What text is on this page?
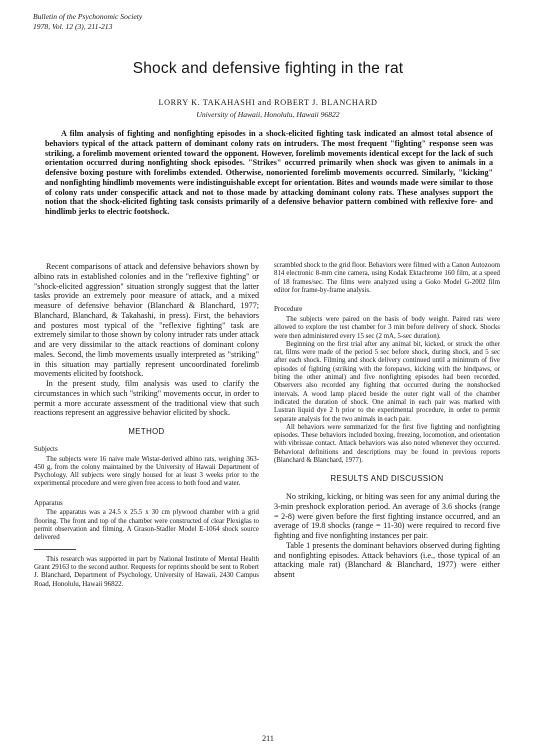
Bulletin of the Psychonomic Society
1978, Vol. 12 (3), 211-213
Shock and defensive fighting in the rat
LORRY K. TAKAHASHI and ROBERT J. BLANCHARD
University of Hawaii, Honolulu, Hawaii 96822
A film analysis of fighting and nonfighting episodes in a shock-elicited fighting task indicated an almost total absence of behaviors typical of the attack pattern of dominant colony rats on intruders. The most frequent "fighting" response seen was striking, a forelimb movement oriented toward the opponent. However, forelimb movements identical except for the lack of such orientation occurred during nonfighting shock episodes. "Strikes" occurred primarily when shock was given to animals in a defensive boxing posture with forelimbs extended. Otherwise, nonoriented forelimb movements occurred. Similarly, "kicking" and nonfighting hindlimb movements were indistinguishable except for orientation. Bites and wounds made were similar to those of colony rats under conspecific attack and not to those made by attacking dominant colony rats. These analyses support the notion that the shock-elicited fighting task consists primarily of a defensive behavior pattern combined with reflexive fore- and hindlimb jerks to electric footshock.

Recent comparisons of attack and defensive behaviors shown by albino rats in established colonies and in the "reflexive fighting" or "shock-elicited aggression" situation strongly suggest that the latter tasks provide an extremely poor measure of attack, and a mixed measure of defensive behavior (Blanchard & Blanchard, 1977; Blanchard, Blanchard, & Takahashi, in press). First, the behaviors and postures most typical of the "reflexive fighting" task are extremely similar to those shown by colony intruder rats under attack and are very dissimilar to the attack reactions of dominant colony males. Second, the limb movements usually interpreted as "striking" in this situation may partially represent uncoordinated forelimb movements elicited by footshock.

In the present study, film analysis was used to clarify the circumstances in which such "striking" movements occur, in order to permit a more accurate assessment of the traditional view that such reactions represent an aggressive behavior elicited by shock.

METHOD
Subjects

The subjects were 16 naive male Wistar-derived albino rats, weighing 363-450 g, from the colony maintained by the University of Hawaii Department of Psychology. All subjects were singly housed for at least 3 weeks prior to the experimental procedure and were given free access to both food and water.

Apparatus

The apparatus was a 24.5 x 25.5 x 30 cm plywood chamber with a grid flooring. The front and top of the chamber were constructed of clear Plexiglas to permit observation and filming. A Grason-Stadler Model E-1064 shock source delivered

This research was supported in part by National Institute of Mental Health Grant 29163 to the second author. Requests for reprints should be sent to Robert J. Blanchard, Department of Psychology, University of Hawaii, 2430 Campus Road, Honolulu, Hawaii 96822.

scrambled shock to the grid floor. Behaviors were filmed with a Canon Autozoom 814 electronic 8-mm cine camera, using Kodak Ektachrome 160 film, at a speed of 18 frames/sec. The films were analyzed using a Goko Model G-2002 film editor for frame-by-frame analysis.

Procedure

The subjects were paired on the basis of body weight. Paired rats were allowed to explore the test chamber for 3 min before delivery of shock. Shocks were then administered every 15 sec (2 mA, 5-sec duration).

Beginning on the first trial after any animal bit, kicked, or struck the other rat, films were made of the period 5 sec before shock, during shock, and 5 sec after each shock. Filming and shock delivery continued until a minimum of five episodes of fighting (striking with the forepaws, kicking with the hindpaws, or biting the other animal) and five nonfighting episodes had been recorded. Observers also recorded any fighting that occurred during the nonshocked intervals. A wood lamp placed beside the outer right wall of the chamber indicated the duration of shock. One animal in each pair was marked with Lustran liquid dye 2 h prior to the experimental procedure, in order to permit separate analysis for the two animals in each pair.

All behaviors were summarized for the first five fighting and nonfighting episodes. These behaviors included boxing, freezing, locomotion, and orientation with vibrissae contact. Attack behaviors was also noted whenever they occurred. Behavioral definitions and descriptions may be found in previous reports (Blanchard & Blanchard, 1977).

RESULTS AND DISCUSSION

No striking, kicking, or biting was seen for any animal during the 3-min preshock exploration period. An average of 3.6 shocks (range = 2-8) were given before the first fighting instance occurred, and an average of 19.8 shocks (range = 11-30) were required to record five fighting and five nonfighting instances per pair.

Table 1 presents the dominant behaviors observed during fighting and nonfighting episodes. Attack behaviors (i.e., those typical of an attacking male rat) (Blanchard & Blanchard, 1977) were either absent

211
